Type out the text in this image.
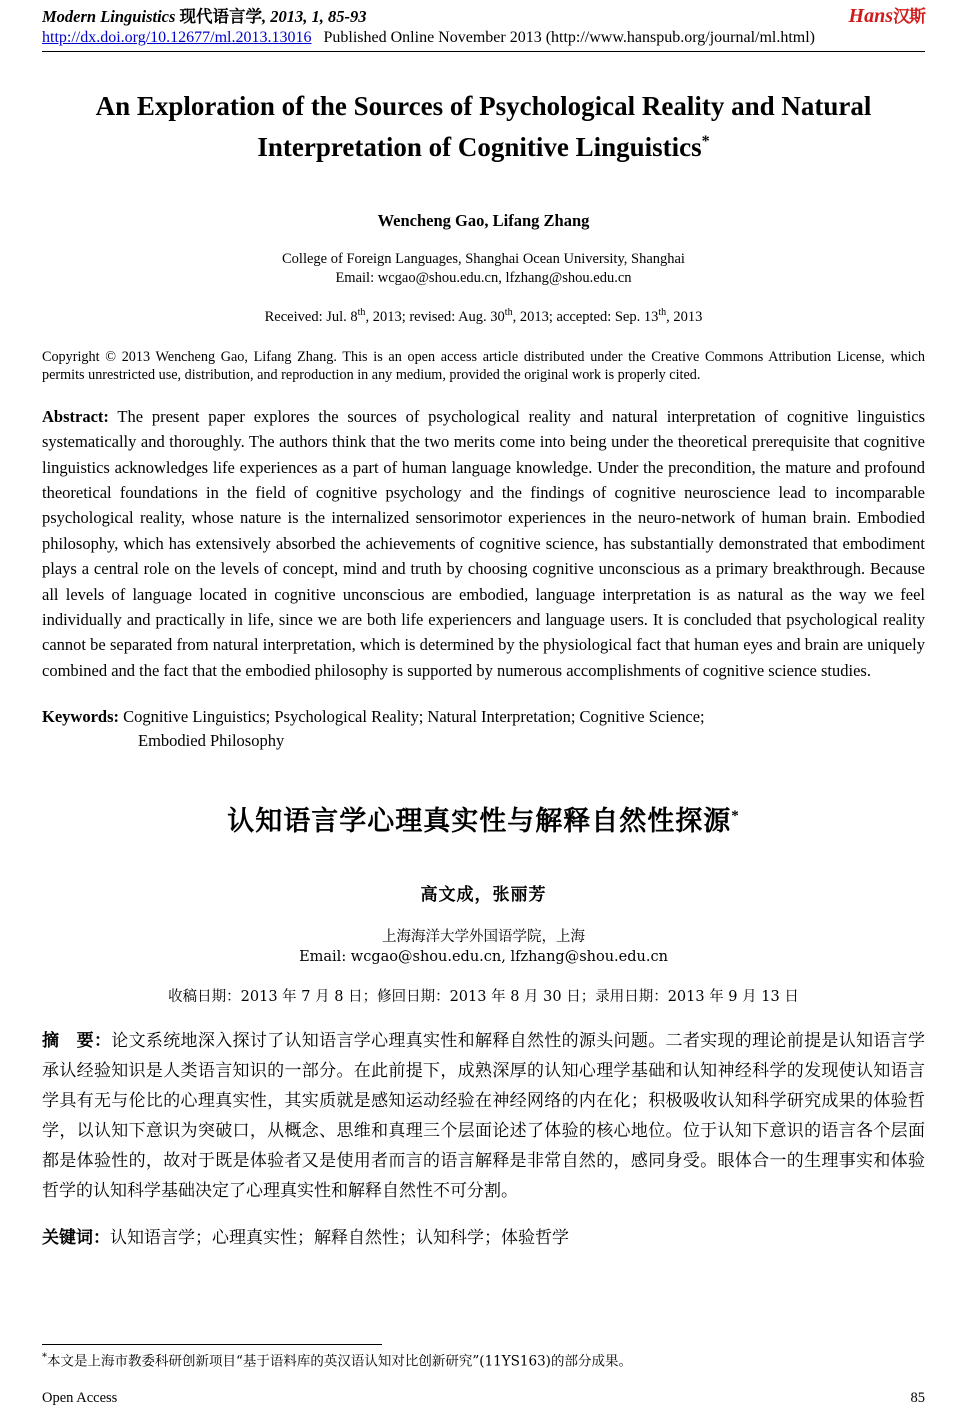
Modern Linguistics 现代语言学, 2013, 1, 85-93
http://dx.doi.org/10.12677/ml.2013.13016 Published Online November 2013 (http://www.hanspub.org/journal/ml.html)
Hans汉斯
An Exploration of the Sources of Psychological Reality and Natural Interpretation of Cognitive Linguistics*
Wencheng Gao, Lifang Zhang
College of Foreign Languages, Shanghai Ocean University, Shanghai
Email: wcgao@shou.edu.cn, lfzhang@shou.edu.cn
Received: Jul. 8th, 2013; revised: Aug. 30th, 2013; accepted: Sep. 13th, 2013
Copyright © 2013 Wencheng Gao, Lifang Zhang. This is an open access article distributed under the Creative Commons Attribution License, which permits unrestricted use, distribution, and reproduction in any medium, provided the original work is properly cited.
Abstract: The present paper explores the sources of psychological reality and natural interpretation of cognitive linguistics systematically and thoroughly. The authors think that the two merits come into being under the theoretical prerequisite that cognitive linguistics acknowledges life experiences as a part of human language knowledge. Under the precondition, the mature and profound theoretical foundations in the field of cognitive psychology and the findings of cognitive neuroscience lead to incomparable psychological reality, whose nature is the internalized sensorimotor experiences in the neuro-network of human brain. Embodied philosophy, which has extensively absorbed the achievements of cognitive science, has substantially demonstrated that embodiment plays a central role on the levels of concept, mind and truth by choosing cognitive unconscious as a primary breakthrough. Because all levels of language located in cognitive unconscious are embodied, language interpretation is as natural as the way we feel individually and practically in life, since we are both life experiencers and language users. It is concluded that psychological reality cannot be separated from natural interpretation, which is determined by the physiological fact that human eyes and brain are uniquely combined and the fact that the embodied philosophy is supported by numerous accomplishments of cognitive science studies.
Keywords: Cognitive Linguistics; Psychological Reality; Natural Interpretation; Cognitive Science;
Embodied Philosophy
认知语言学心理真实性与解释自然性探源*
高文成，张丽芳
上海海洋大学外国语学院，上海
Email: wcgao@shou.edu.cn, lfzhang@shou.edu.cn
收稿日期：2013 年 7 月 8 日；修回日期：2013 年 8 月 30 日；录用日期：2013 年 9 月 13 日
摘　要：论文系统地深入探讨了认知语言学心理真实性和解释自然性的源头问题。二者实现的理论前提是认知语言学承认经验知识是人类语言知识的一部分。在此前提下，成熟深厚的认知心理学基础和认知神经科学的发现使认知语言学具有无与伦比的心理真实性，其实质就是感知运动经验在神经网络的内在化；积极吸收认知科学研究成果的体验哲学，以认知下意识为突破口，从概念、思维和真理三个层面论述了体验的核心地位。位于认知下意识的语言各个层面都是体验性的，故对于既是体验者又是使用者而言的语言解释是非常自然的，感同身受。眼体合一的生理事实和体验哲学的认知科学基础决定了心理真实性和解释自然性不可分割。
关键词：认知语言学；心理真实性；解释自然性；认知科学；体验哲学
*本文是上海市教委科研创新项目“基于语料库的英汉语认知对比创新研究”(11YS163)的部分成果。
Open Access	85
